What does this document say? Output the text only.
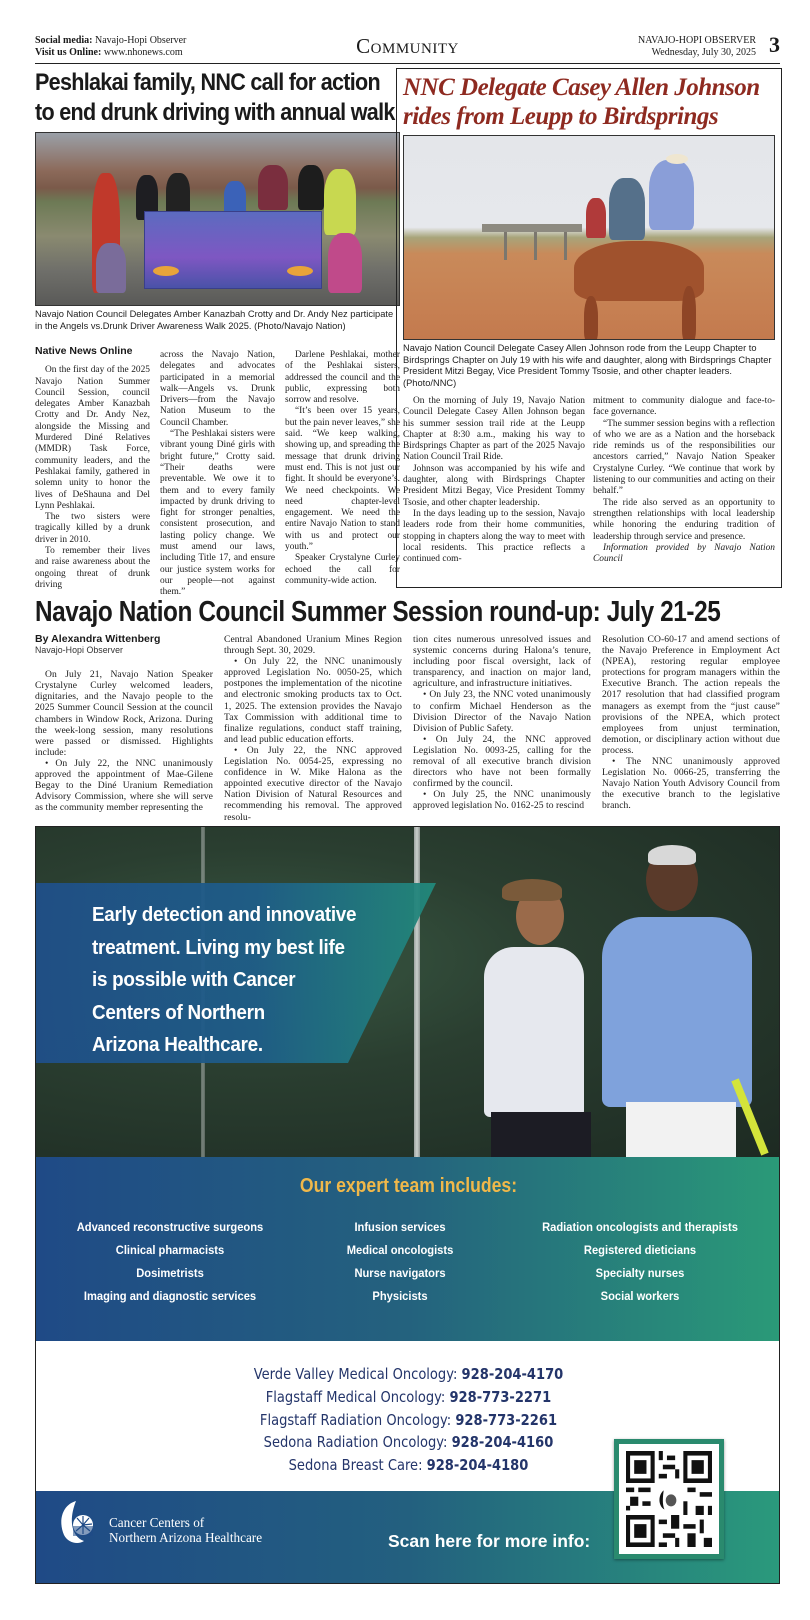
Social media: Navajo-Hopi Observer
Visit us Online: www.nhonews.com	Community	NAVAJO-HOPI OBSERVER
Wednesday, July 30, 2025 3
Peshlakai family, NNC call for action to end drunk driving with annual walk
Navajo Nation Council Delegates Amber Kanazbah Crotty and Dr. Andy Nez participate in the Angels vs.Drunk Driver Awareness Walk 2025. (Photo/Navajo Nation)
Native News Online

On the first day of the 2025 Navajo Nation Summer Council Session, council delegates Amber Kanazbah Crotty and Dr. Andy Nez, alongside the Missing and Murdered Diné Relatives (MMDR) Task Force, community leaders, and the Peshlakai family, gathered in solemn unity to honor the lives of DeShauna and Del Lynn Peshlakai.

The two sisters were tragically killed by a drunk driver in 2010.

To remember their lives and raise awareness about the ongoing threat of drunk driving

across the Navajo Nation, delegates and advocates participated in a memorial walk—Angels vs. Drunk Drivers—from the Navajo Nation Museum to the Council Chamber.

“The Peshlakai sisters were vibrant young Diné girls with bright future,” Crotty said. “Their deaths were preventable. We owe it to them and to every family impacted by drunk driving to fight for stronger penalties, consistent prosecution, and lasting policy change. We must amend our laws, including Title 17, and ensure our justice system works for our people—not against them.”

Darlene Peshlakai, mother of the Peshlakai sisters, addressed the council and the public, expressing both sorrow and resolve.

“It’s been over 15 years, but the pain never leaves,” she said. “We keep walking, showing up, and spreading the message that drunk driving must end. This is not just our fight. It should be everyone’s. We need checkpoints. We need chapter-level engagement. We need the entire Navajo Nation to stand with us and protect our youth.”

Speaker Crystalyne Curley echoed the call for community-wide action.

NNC Delegate Casey Allen Johnson rides from Leupp to Birdsprings
Navajo Nation Council Delegate Casey Allen Johnson rode from the Leupp Chapter to Birdsprings Chapter on July 19 with his wife and daughter, along with Birdsprings Chapter President Mitzi Begay, Vice President Tommy Tsosie, and other chapter leaders. (Photo/NNC)

On the morning of July 19, Navajo Nation Council Delegate Casey Allen Johnson began his summer session trail ride at the Leupp Chapter at 8:30 a.m., making his way to Birdsprings Chapter as part of the 2025 Navajo Nation Council Trail Ride.

Johnson was accompanied by his wife and daughter, along with Birdsprings Chapter President Mitzi Begay, Vice President Tommy Tsosie, and other chapter leadership.

In the days leading up to the session, Navajo leaders rode from their home communities, stopping in chapters along the way to meet with local residents. This practice reflects a continued com-

mitment to community dialogue and face-to-face governance.

“The summer session begins with a reflection of who we are as a Nation and the horseback ride reminds us of the responsibilities our ancestors carried,” Navajo Nation Speaker Crystalyne Curley. “We continue that work by listening to our communities and acting on their behalf.”

The ride also served as an opportunity to strengthen relationships with local leadership while honoring the enduring tradition of leadership through service and presence.

Information provided by Navajo Nation Council

Navajo Nation Council Summer Session round-up: July 21-25
By Alexandra Wittenberg
Navajo-Hopi Observer

On July 21, Navajo Nation Speaker Crystalyne Curley welcomed leaders, dignitaries, and the Navajo people to the 2025 Summer Council Session at the council chambers in Window Rock, Arizona. During the week-long session, many resolutions were passed or dismissed. Highlights include:

• On July 22, the NNC unanimously approved the appointment of Mae-Gilene Begay to the Diné Uranium Remediation Advisory Commission, where she will serve as the community member representing the

Central Abandoned Uranium Mines Region through Sept. 30, 2029.

• On July 22, the NNC unanimously approved Legislation No. 0050-25, which postpones the implementation of the nicotine and electronic smoking products tax to Oct. 1, 2025. The extension provides the Navajo Tax Commission with additional time to finalize regulations, conduct staff training, and lead public education efforts.

• On July 22, the NNC approved Legislation No. 0054-25, expressing no confidence in W. Mike Halona as the appointed executive director of the Navajo Nation Division of Natural Resources and recommending his removal. The approved resolu-

tion cites numerous unresolved issues and systemic concerns during Halona’s tenure, including poor fiscal oversight, lack of transparency, and inaction on major land, agriculture, and infrastructure initiatives.

• On July 23, the NNC voted unanimously to confirm Michael Henderson as the Division Director of the Navajo Nation Division of Public Safety.

• On July 24, the NNC approved Legislation No. 0093-25, calling for the removal of all executive branch division directors who have not been formally confirmed by the council.

• On July 25, the NNC unanimously approved legislation No. 0162-25 to rescind

Resolution CO-60-17 and amend sections of the Navajo Preference in Employment Act (NPEA), restoring regular employee protections for program managers within the Executive Branch. The action repeals the 2017 resolution that had classified program managers as exempt from the “just cause” provisions of the NPEA, which protect employees from unjust termination, demotion, or disciplinary action without due process.

• The NNC unanimously approved Legislation No. 0066-25, transferring the Navajo Nation Youth Advisory Council from the executive branch to the legislative branch.

Early detection and innovative
treatment. Living my best life
is possible with Cancer
Centers of Northern
Arizona Healthcare.
Our expert team includes:
Advanced reconstructive surgeons	Infusion services	Radiation oncologists and therapists
Clinical pharmacists	Medical oncologists	Registered dieticians
Dosimetrists	Nurse navigators	Specialty nurses
Imaging and diagnostic services	Physicists	Social workers
Verde Valley Medical Oncology: 928-204-4170
Flagstaff Medical Oncology: 928-773-2271
Flagstaff Radiation Oncology: 928-773-2261
Sedona Radiation Oncology: 928-204-4160
Sedona Breast Care: 928-204-4180
Cancer Centers of
Northern Arizona Healthcare	Scan here for more info:
